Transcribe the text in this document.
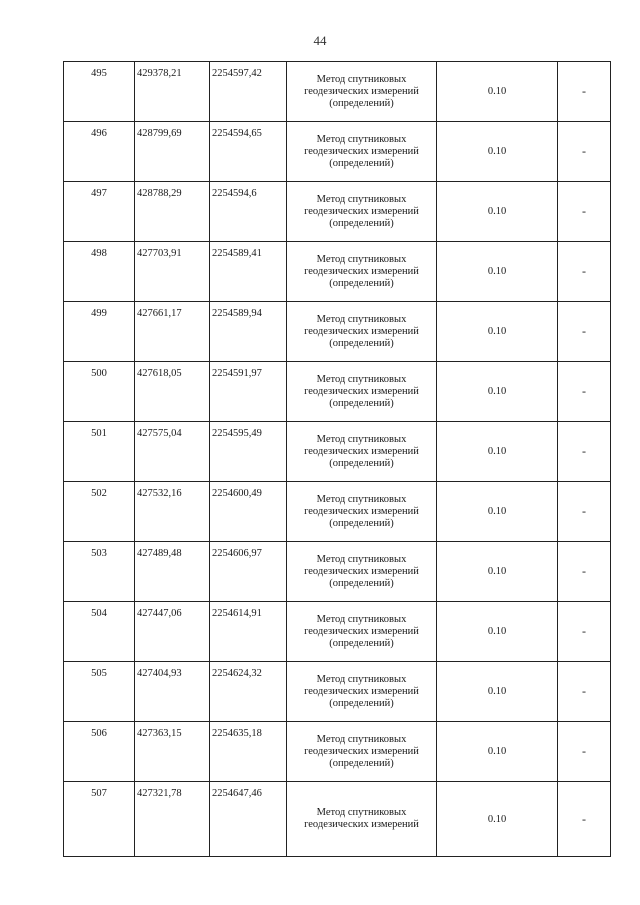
44
495	429378,21	2254597,42	Метод спутниковых
геодезических измерений
(определений)	0.10	-
496	428799,69	2254594,65	Метод спутниковых
геодезических измерений
(определений)	0.10	-
497	428788,29	2254594,6	Метод спутниковых
геодезических измерений
(определений)	0.10	-
498	427703,91	2254589,41	Метод спутниковых
геодезических измерений
(определений)	0.10	-
499	427661,17	2254589,94	Метод спутниковых
геодезических измерений
(определений)	0.10	-
500	427618,05	2254591,97	Метод спутниковых
геодезических измерений
(определений)	0.10	-
501	427575,04	2254595,49	Метод спутниковых
геодезических измерений
(определений)	0.10	-
502	427532,16	2254600,49	Метод спутниковых
геодезических измерений
(определений)	0.10	-
503	427489,48	2254606,97	Метод спутниковых
геодезических измерений
(определений)	0.10	-
504	427447,06	2254614,91	Метод спутниковых
геодезических измерений
(определений)	0.10	-
505	427404,93	2254624,32	Метод спутниковых
геодезических измерений
(определений)	0.10	-
506	427363,15	2254635,18	Метод спутниковых
геодезических измерений
(определений)	0.10	-
507	427321,78	2254647,46	Метод спутниковых
геодезических измерений	0.10	-
